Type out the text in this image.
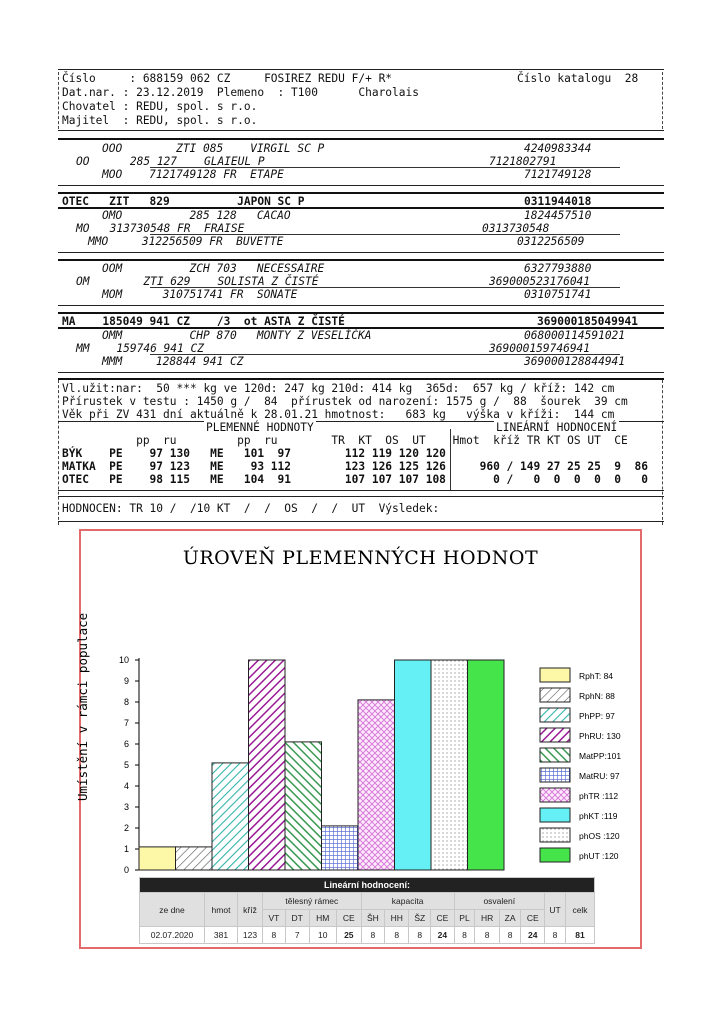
Číslo     : 688159 062 CZ     FOSIREZ REDU F/+ R*	Číslo katalogu  28
Dat.nar. : 23.12.2019  Plemeno  : T100      Charolais
Chovatel : REDU, spol. s r.o.
Majitel  : REDU, spol. s r.o.
OOO        ZTI 085    VIRGIL SC P	4240983344
OO      285 127    GLAIEUL P	7121802791
MOO    7121749128 FR  ETAPE	7121749128
OTEC   ZIT   829          JAPON SC P	0311944018
OMO          285 128   CACAO	1824457510
MO   313730548 FR  FRAISE	0313730548
MMO     312256509 FR  BUVETTE	0312256509
OOM          ZCH 703   NECESSAIRE	6327793880
OM        ZTI 629    SOLISTA Z ČISTÉ	369000523176041
MOM      310751741 FR  SONATE	0310751741
MA    185049 941 CZ    /3  ot ASTA Z ČISTÉ	369000185049941
OMM          CHP 870   MONTY Z VESELÍČKA	068000114591021
MM    159746 941 CZ	369000159746941
MMM     128844 941 CZ	369000128844941
Vl.užit:nar:  50 *** kg ve 120d: 247 kg 210d: 414 kg  365d:  657 kg / kříž: 142 cm
Přírustek v testu : 1450 g /  84  přírustek od narození: 1575 g /  88  šourek  39 cm
Věk při ZV 431 dní aktuálně k 28.01.21 hmotnost:   683 kg   výška v kříži:  144 cm
PLEMENNÉ HODNOTY	LINEÁRNÍ HODNOCENÍ
pp  ru         pp  ru        TR  KT  OS  UT    Hmot  kříž TR KT OS UT  CE
BÝK    PE    97 130   ME   101  97        112 119 120 120
MATKA  PE    97 123   ME    93 112        123 126 125 126     960 / 149 27 25 25  9  86
OTEC   PE    98 115   ME   104  91        107 107 107 108       0 /   0  0  0  0  0   0
HODNOCEN: TR 10 /  /10 KT  /  /  OS  /  /  UT  Výsledek:
ÚROVEŇ PLEMENNÝCH HODNOT
Umístění v rámci populace
0
1
2
3
4
5
6
7
8
9
10
RphT: 84
RphN: 88
PhPP: 97
PhRU: 130
MatPP:101
MatRU: 97
phTR :112
phKT :119
phOS :120
phUT :120
Lineární hodnocení:																
ze dne	hmot	kříž	tělesný rámec				kapacita				osvalení				UT	celk
			VT	DT	HM	CE	ŠH	HH	ŠZ	CE	PL	HR	ZA	CE		
02.07.2020	381	123	8	7	10	25	8	8	8	24	8	8	8	24	8	81
